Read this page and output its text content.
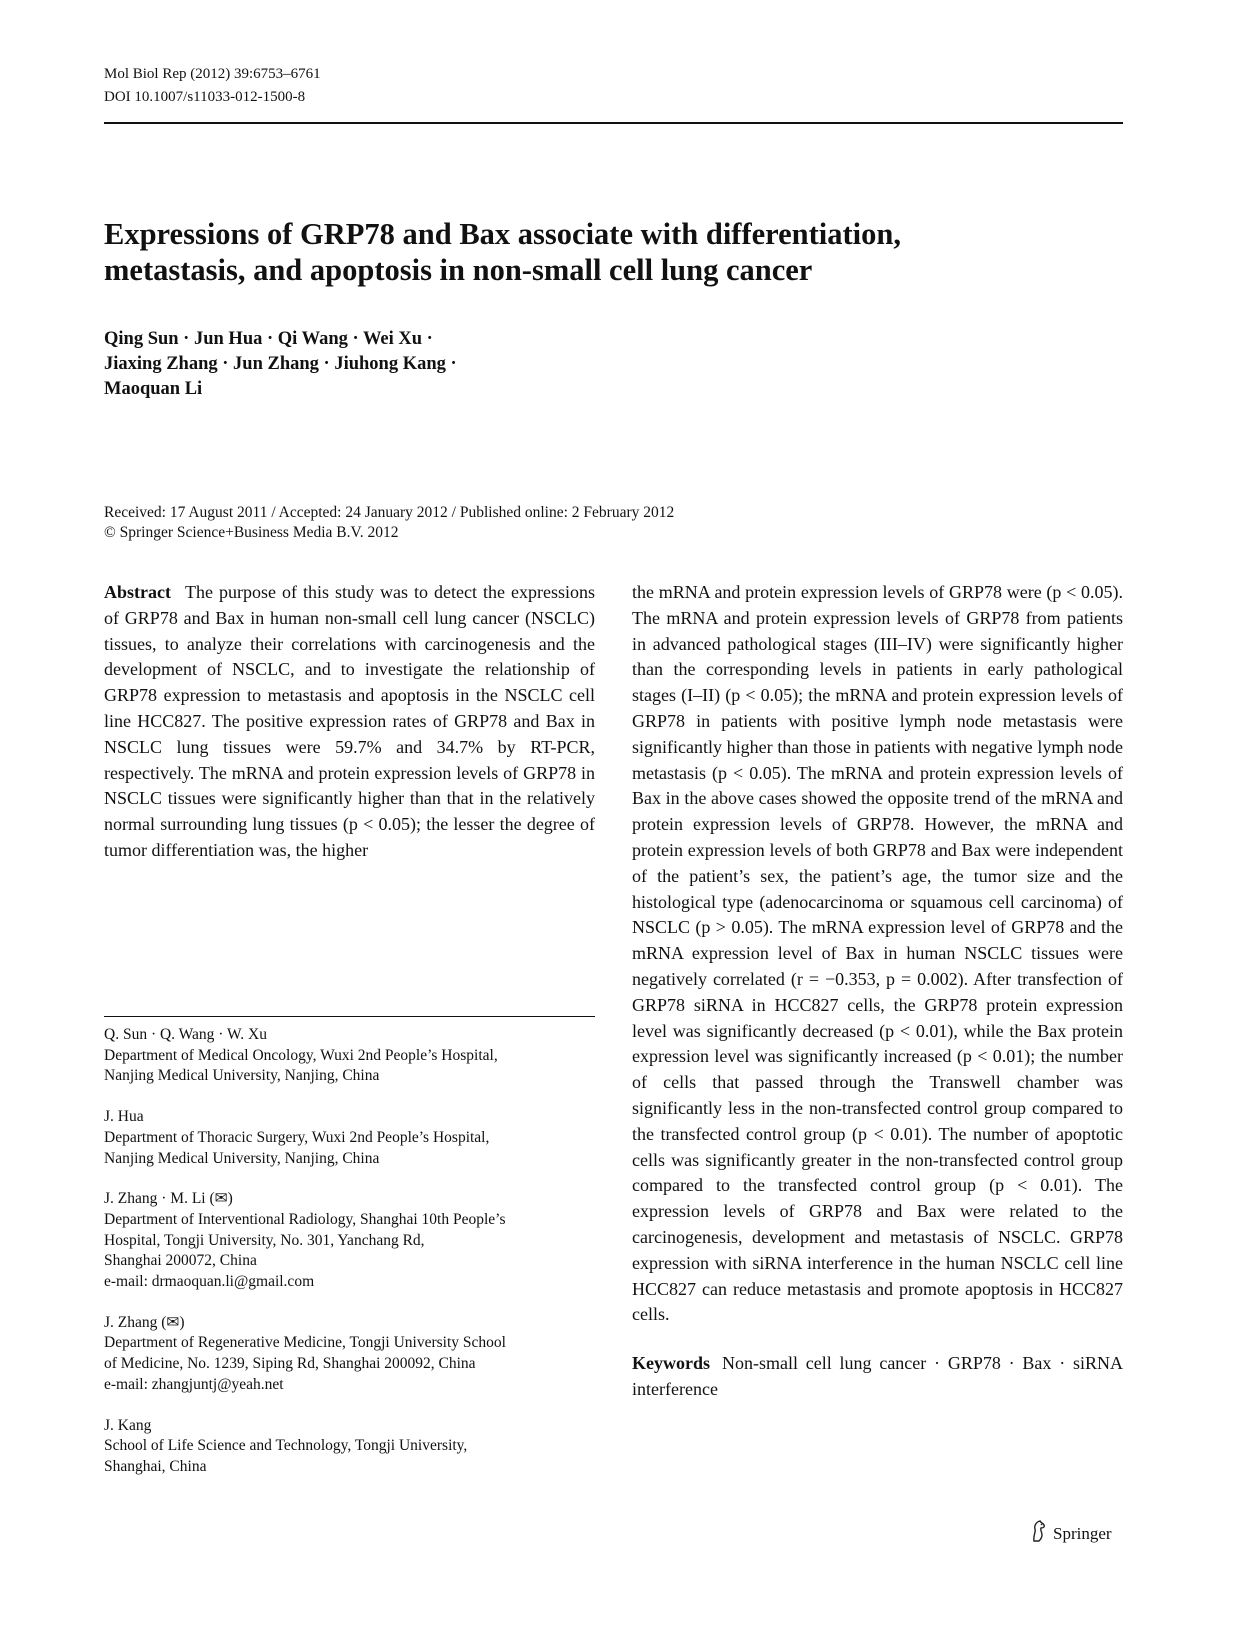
Mol Biol Rep (2012) 39:6753–6761
DOI 10.1007/s11033-012-1500-8
Expressions of GRP78 and Bax associate with differentiation,
metastasis, and apoptosis in non-small cell lung cancer
Qing Sun · Jun Hua · Qi Wang · Wei Xu ·
Jiaxing Zhang · Jun Zhang · Jiuhong Kang ·
Maoquan Li
Received: 17 August 2011 / Accepted: 24 January 2012 / Published online: 2 February 2012
© Springer Science+Business Media B.V. 2012

Abstract The purpose of this study was to detect the expressions of GRP78 and Bax in human non-small cell lung cancer (NSCLC) tissues, to analyze their correlations with carcinogenesis and the development of NSCLC, and to investigate the relationship of GRP78 expression to metastasis and apoptosis in the NSCLC cell line HCC827. The positive expression rates of GRP78 and Bax in NSCLC lung tissues were 59.7% and 34.7% by RT-PCR, respectively. The mRNA and protein expression levels of GRP78 in NSCLC tissues were significantly higher than that in the relatively normal surrounding lung tissues (p < 0.05); the lesser the degree of tumor differentiation was, the higher

Q. Sun · Q. Wang · W. Xu
Department of Medical Oncology, Wuxi 2nd People’s Hospital,
Nanjing Medical University, Nanjing, China
J. Hua
Department of Thoracic Surgery, Wuxi 2nd People’s Hospital,
Nanjing Medical University, Nanjing, China
J. Zhang · M. Li (✉)
Department of Interventional Radiology, Shanghai 10th People’s
Hospital, Tongji University, No. 301, Yanchang Rd,
Shanghai 200072, China
e-mail: drmaoquan.li@gmail.com
J. Zhang (✉)
Department of Regenerative Medicine, Tongji University School
of Medicine, No. 1239, Siping Rd, Shanghai 200092, China
e-mail: zhangjuntj@yeah.net
J. Kang
School of Life Science and Technology, Tongji University,
Shanghai, China

the mRNA and protein expression levels of GRP78 were (p < 0.05). The mRNA and protein expression levels of GRP78 from patients in advanced pathological stages (III–IV) were significantly higher than the corresponding levels in patients in early pathological stages (I–II) (p < 0.05); the mRNA and protein expression levels of GRP78 in patients with positive lymph node metastasis were significantly higher than those in patients with negative lymph node metastasis (p < 0.05). The mRNA and protein expression levels of Bax in the above cases showed the opposite trend of the mRNA and protein expression levels of GRP78. However, the mRNA and protein expression levels of both GRP78 and Bax were independent of the patient’s sex, the patient’s age, the tumor size and the histological type (adenocarcinoma or squamous cell carcinoma) of NSCLC (p > 0.05). The mRNA expression level of GRP78 and the mRNA expression level of Bax in human NSCLC tissues were negatively correlated (r = −0.353, p = 0.002). After transfection of GRP78 siRNA in HCC827 cells, the GRP78 protein expression level was significantly decreased (p < 0.01), while the Bax protein expression level was significantly increased (p < 0.01); the number of cells that passed through the Transwell chamber was significantly less in the non-transfected control group compared to the transfected control group (p < 0.01). The number of apoptotic cells was significantly greater in the non-transfected control group compared to the transfected control group (p < 0.01). The expression levels of GRP78 and Bax were related to the carcinogenesis, development and metastasis of NSCLC. GRP78 expression with siRNA interference in the human NSCLC cell line HCC827 can reduce metastasis and promote apoptosis in HCC827 cells.

Keywords Non-small cell lung cancer · GRP78 · Bax · siRNA interference

Springer
